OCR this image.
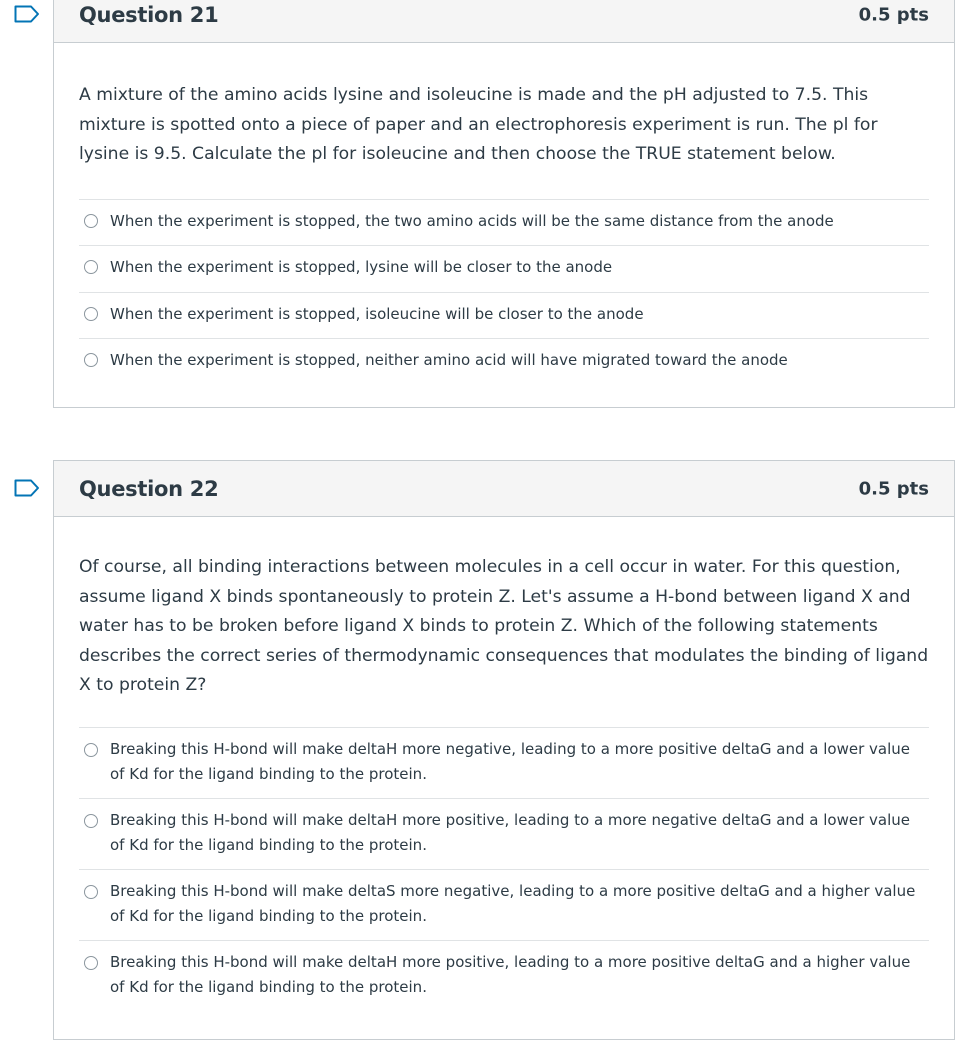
Question 21	0.5 pts

A mixture of the amino acids lysine and isoleucine is made and the pH adjusted to 7.5. This mixture is spotted onto a piece of paper and an electrophoresis experiment is run. The pl for lysine is 9.5. Calculate the pl for isoleucine and then choose the TRUE statement below.

When the experiment is stopped, the two amino acids will be the same distance from the anode
When the experiment is stopped, lysine will be closer to the anode
When the experiment is stopped, isoleucine will be closer to the anode
When the experiment is stopped, neither amino acid will have migrated toward the anode
Question 22	0.5 pts

Of course, all binding interactions between molecules in a cell occur in water. For this question, assume ligand X binds spontaneously to protein Z. Let's assume a H-bond between ligand X and water has to be broken before ligand X binds to protein Z. Which of the following statements describes the correct series of thermodynamic consequences that modulates the binding of ligand X to protein Z?

Breaking this H-bond will make deltaH more negative, leading to a more positive deltaG and a lower value of Kd for the ligand binding to the protein.
Breaking this H-bond will make deltaH more positive, leading to a more negative deltaG and a lower value of Kd for the ligand binding to the protein.
Breaking this H-bond will make deltaS more negative, leading to a more positive deltaG and a higher value of Kd for the ligand binding to the protein.
Breaking this H-bond will make deltaH more positive, leading to a more positive deltaG and a higher value of Kd for the ligand binding to the protein.
